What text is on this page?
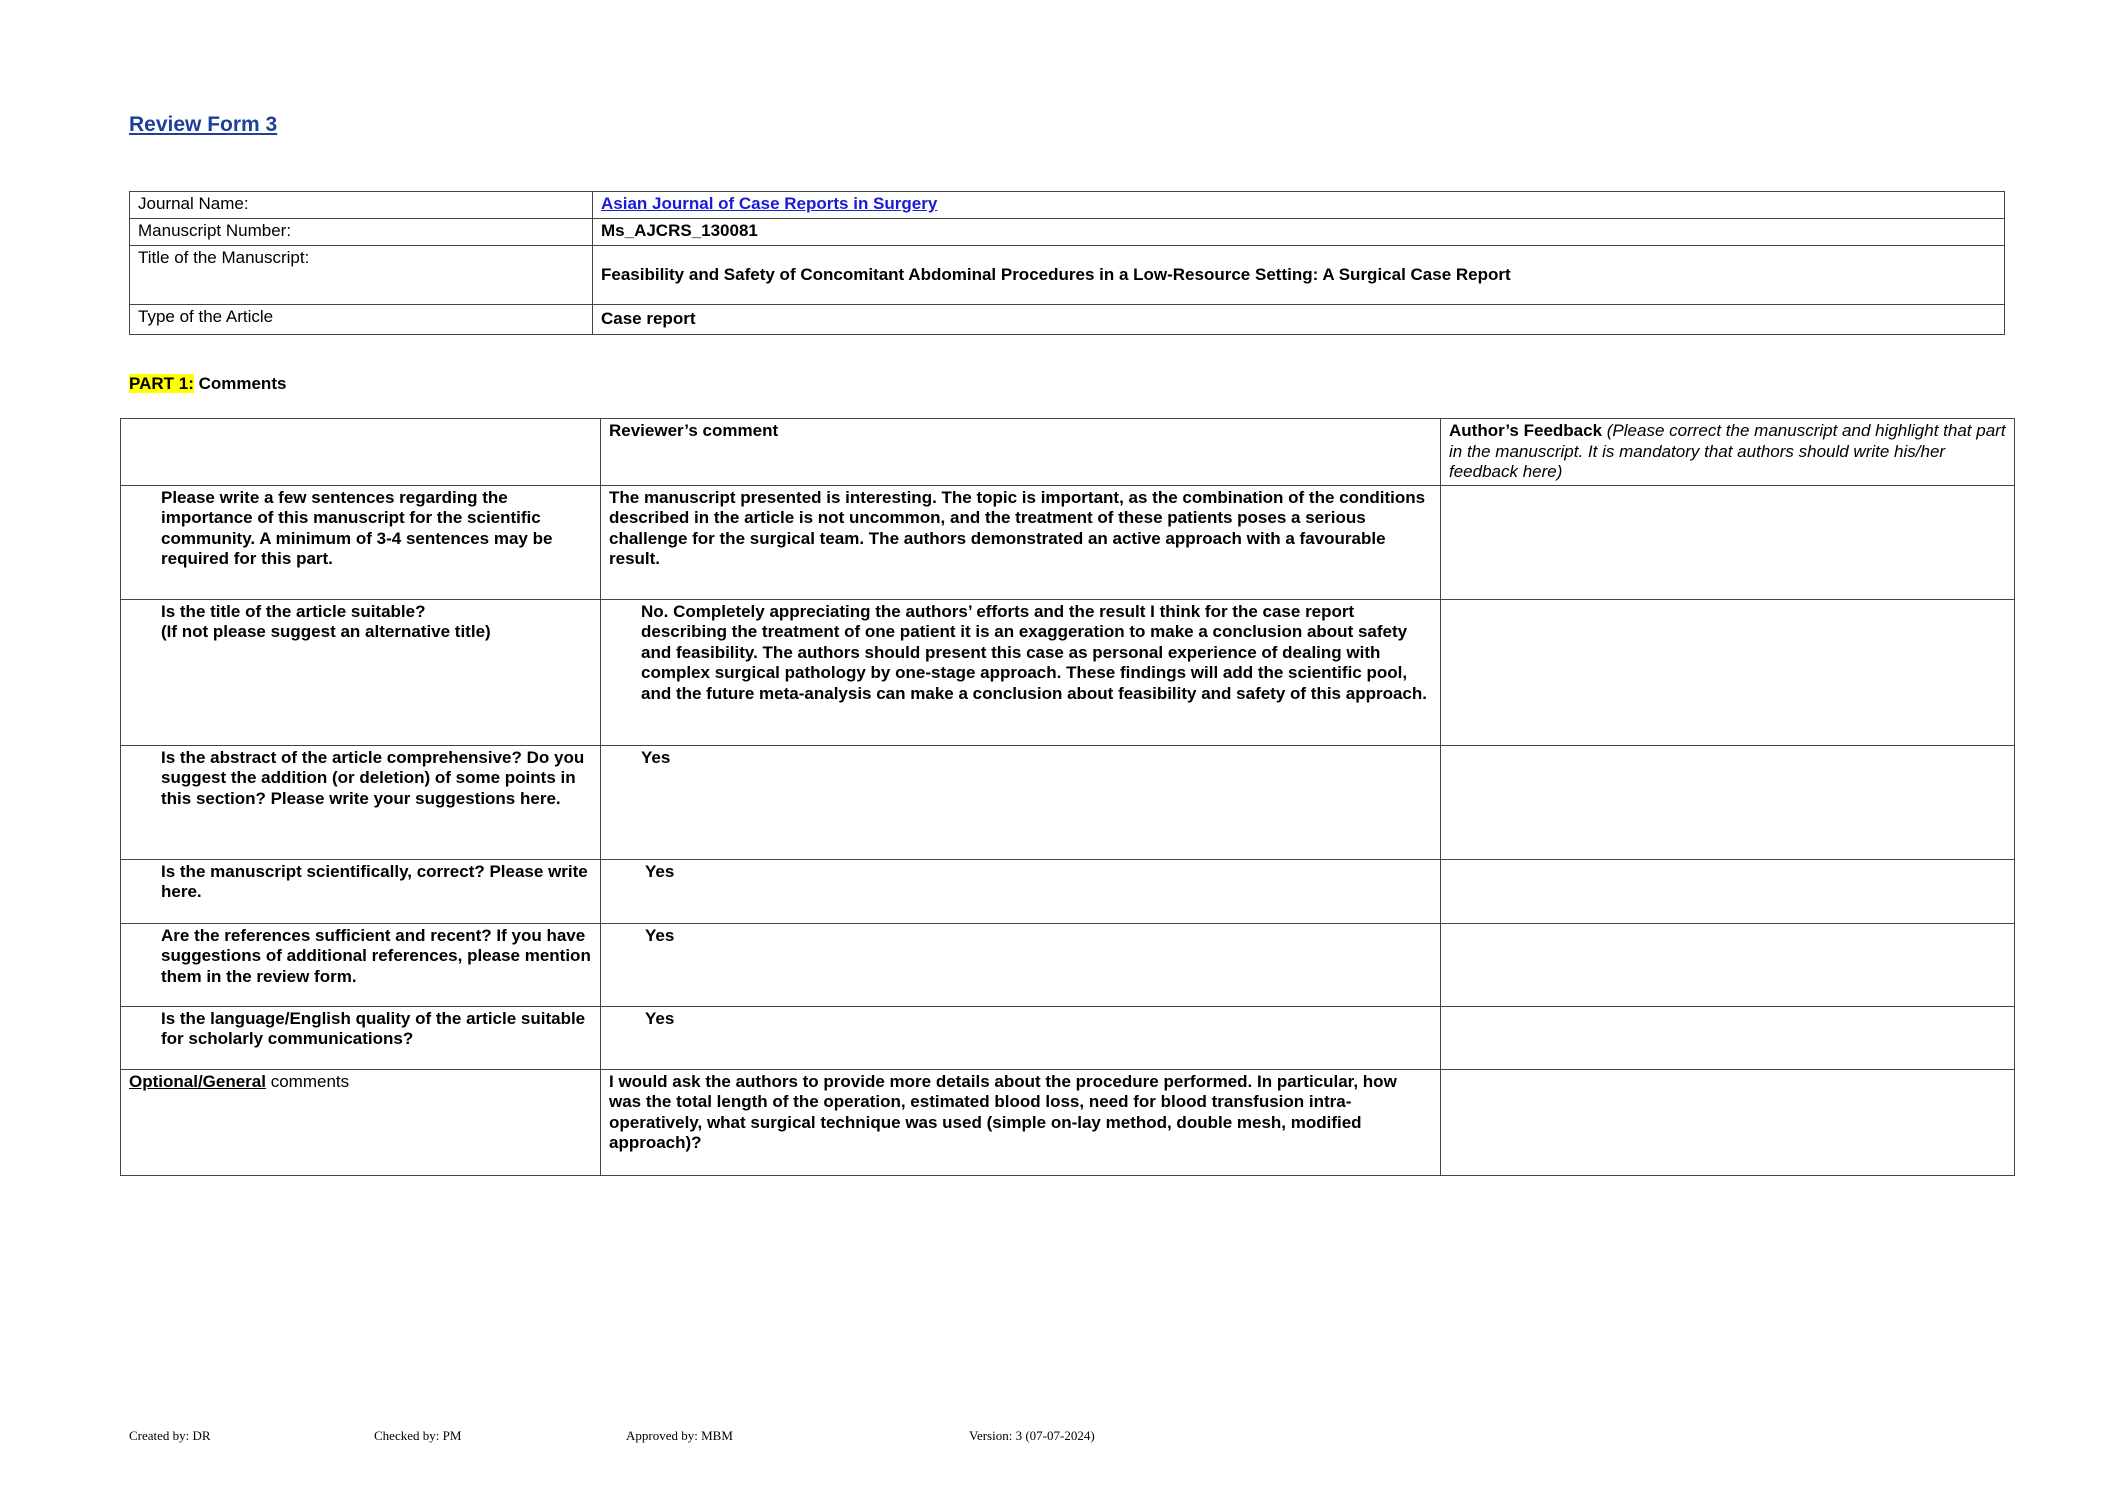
Review Form 3
Journal Name:	Asian Journal of Case Reports in Surgery
Manuscript Number:	Ms_AJCRS_130081
Title of the Manuscript:	Feasibility and Safety of Concomitant Abdominal Procedures in a Low-Resource Setting: A Surgical Case Report
Type of the Article	Case report
PART 1: Comments
	Reviewer’s comment	Author’s Feedback (Please correct the manuscript and highlight that part in the manuscript. It is mandatory that authors should write his/her feedback here)
Please write a few sentences regarding the importance of this manuscript for the scientific community. A minimum of 3-4 sentences may be required for this part.	The manuscript presented is interesting. The topic is important, as the combination of the conditions described in the article is not uncommon, and the treatment of these patients poses a serious challenge for the surgical team. The authors demonstrated an active approach with a favourable result.	

Is the title of the article suitable?
(If not please suggest an alternative title)	No. Completely appreciating the authors’ efforts and the result I think for the case report describing the treatment of one patient it is an exaggeration to make a conclusion about safety and feasibility. The authors should present this case as personal experience of dealing with complex surgical pathology by one-stage approach. These findings will add the scientific pool, and the future meta-analysis can make a conclusion about feasibility and safety of this approach.	
Is the abstract of the article comprehensive? Do you suggest the addition (or deletion) of some points in this section? Please write your suggestions here.	Yes	
Is the manuscript scientifically, correct? Please write here.	Yes	
Are the references sufficient and recent? If you have suggestions of additional references, please mention them in the review form.	Yes	
Is the language/English quality of the article suitable for scholarly communications?	Yes	
Optional/General comments	I would ask the authors to provide more details about the procedure performed. In particular, how was the total length of the operation, estimated blood loss, need for blood transfusion intra-operatively, what surgical technique was used (simple on-lay method, double mesh, modified approach)?	
Created by: DR	Checked by: PM	Approved by: MBM	Version: 3 (07-07-2024)
